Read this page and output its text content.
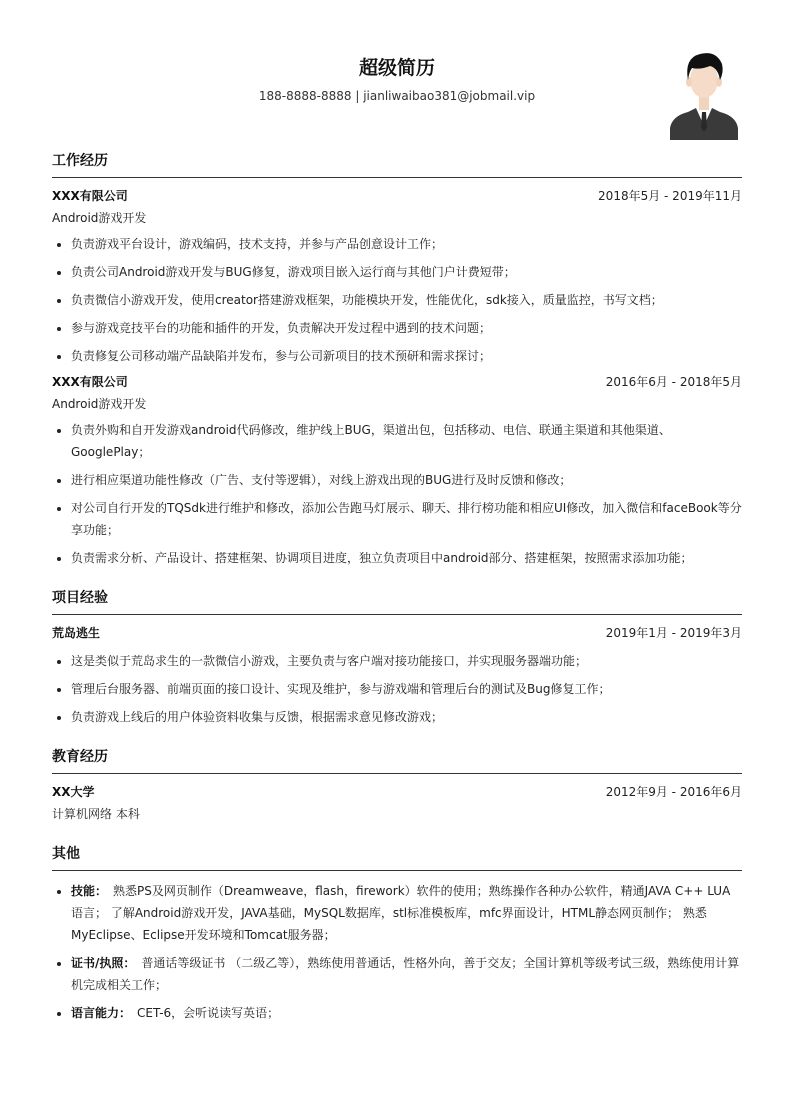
超级简历
188-8888-8888 | jianliwaibao381@jobmail.vip
工作经历
XXX有限公司	2018年5月 - 2019年11月
Android游戏开发
• 负责游戏平台设计，游戏编码，技术支持，并参与产品创意设计工作；
• 负责公司Android游戏开发与BUG修复，游戏项目嵌入运行商与其他门户计费短带；
• 负责微信小游戏开发，使用creator搭建游戏框架，功能模块开发，性能优化，sdk接入，质量监控，书写文档；
• 参与游戏竞技平台的功能和插件的开发，负责解决开发过程中遇到的技术问题；
• 负责修复公司移动端产品缺陷并发布，参与公司新项目的技术预研和需求探讨；
XXX有限公司	2016年6月 - 2018年5月
Android游戏开发
• 负责外购和自开发游戏android代码修改，维护线上BUG，渠道出包，包括移动、电信、联通主渠道和其他渠道、GooglePlay；
• 进行相应渠道功能性修改（广告、支付等逻辑），对线上游戏出现的BUG进行及时反馈和修改；
• 对公司自行开发的TQSdk进行维护和修改，添加公告跑马灯展示、聊天、排行榜功能和相应UI修改，加入微信和faceBook等分享功能；
• 负责需求分析、产品设计、搭建框架、协调项目进度，独立负责项目中android部分、搭建框架，按照需求添加功能；
项目经验
荒岛逃生	2019年1月 - 2019年3月
• 这是类似于荒岛求生的一款微信小游戏，主要负责与客户端对接功能接口，并实现服务器端功能；
• 管理后台服务器、前端页面的接口设计、实现及维护，参与游戏端和管理后台的测试及Bug修复工作；
• 负责游戏上线后的用户体验资料收集与反馈，根据需求意见修改游戏；
教育经历
XX大学	2012年9月 - 2016年6月
计算机网络 本科
其他
• 技能： 熟悉PS及网页制作（Dreamweave，flash，firework）软件的使用；熟练操作各种办公软件，精通JAVA C++ LUA 语言； 了解Android游戏开发，JAVA基础，MySQL数据库，stl标准模板库，mfc界面设计，HTML静态网页制作； 熟悉MyEclipse、Eclipse开发环境和Tomcat服务器；
• 证书/执照： 普通话等级证书 （二级乙等），熟练使用普通话，性格外向，善于交友；全国计算机等级考试三级，熟练使用计算机完成相关工作；
• 语言能力： CET-6，会听说读写英语；
